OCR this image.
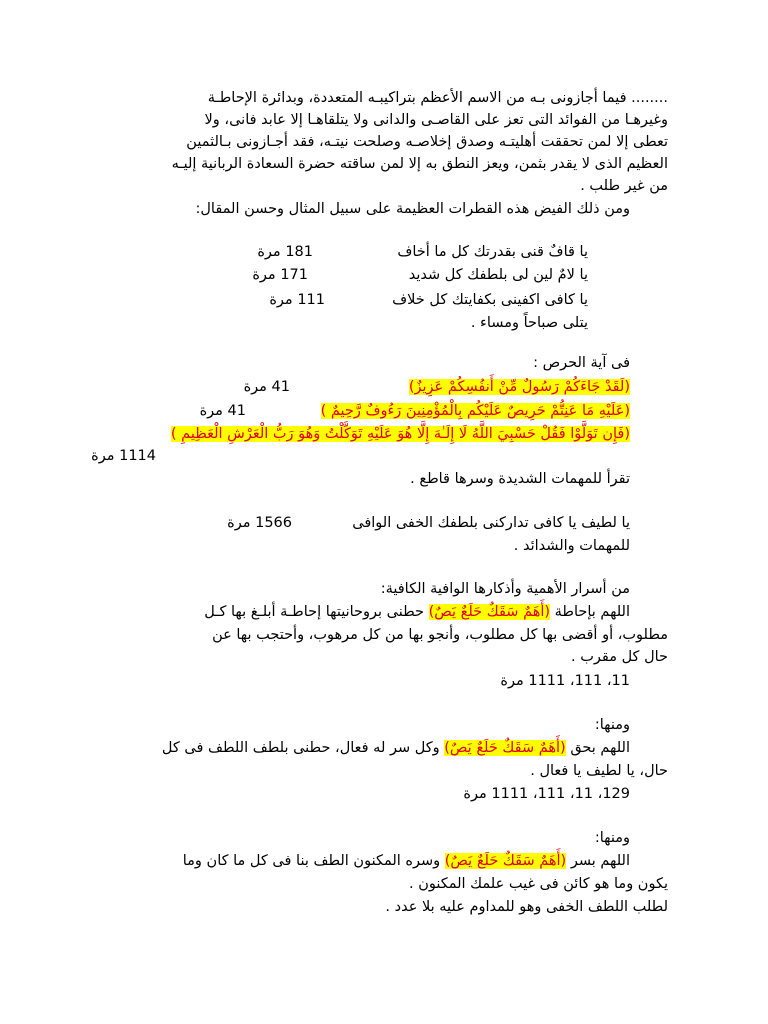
........ فيما أجازونى بـه من الاسم الأعظم بتراكيبـه المتعددة، وبدائرة الإحاطـة
وغيرهـا من الفوائد التى تعز على القاصـى والدانى ولا يتلقاهـا إلا عابد فانى، ولا
تعطى إلا لمن تحققت أهليتـه وصدق إخلاصـه وصلحت نيتـه، فقد أجـازونى بـالثمين
العظيم الذى لا يقدر بثمن، ويعز النطق به إلا لمن ساقته حضرة السعادة الربانية إليـه
من غير طلب .
ومن ذلك الفيض هذه القطرات العظيمة على سبيل المثال وحسن المقال:
يا قافٌ قنى بقدرتك كل ما أخاف
181 مرة
يا لامٌ لين لى بلطفك كل شديد
171 مرة
يا كافى اكفينى بكفايتك كل خلاف
111 مرة
يتلى صباحاً ومساء .
فى آية الحرص :
(لَقَدْ جَاءَكُمْ رَسُولٌ مِّنْ أَنفُسِكُمْ عَزِيزٌ)
41 مرة
(عَلَيْهِ مَا عَنِتُّمْ حَرِيصٌ عَلَيْكُم بِالْمُؤْمِنِينَ رَءُوفٌ رَّحِيمٌ )
41 مرة
(فَإِن تَوَلَّوْا فَقُلْ حَسْبِيَ اللَّهُ لَا إِلَـٰهَ إِلَّا هُوَ عَلَيْهِ تَوَكَّلْتُ وَهُوَ رَبُّ الْعَرْشِ الْعَظِيمِ )
1114 مرة
تقرأ للمهمات الشديدة وسرها قاطع .
يا لطيف يا كافى تداركنى بلطفك الخفى الوافى
1566 مرة
للمهمات والشدائد .
من أسرار الأهمية وأذكارها الوافية الكافية:
اللهم بإحاطة (أَهَمٌ سَقَكٌ حَلَعٌ يَصٌ) حطنى بروحانيتها إحاطـة أبلـغ بها كـل
مطلوب، أو أقضى بها كل مطلوب، وأنجو بها من كل مرهوب، وأحتجب بها عن
حال كل مقرب .
11، 111، 1111 مرة
ومنها:
اللهم بحق (أَهَمٌ سَقَكٌ حَلَعٌ يَصٌ) وكل سر له فعال، حطنى بلطف اللطف فى كل
حال، يا لطيف يا فعال .
129، 11، 111، 1111 مرة
ومنها:
اللهم بسر (أَهَمٌ سَقَكٌ حَلَعٌ يَصٌ) وسره المكنون الطف بنا فى كل ما كان وما
يكون وما هو كائن فى غيب علمك المكنون .
لطلب اللطف الخفى وهو للمداوم عليه بلا عدد .
